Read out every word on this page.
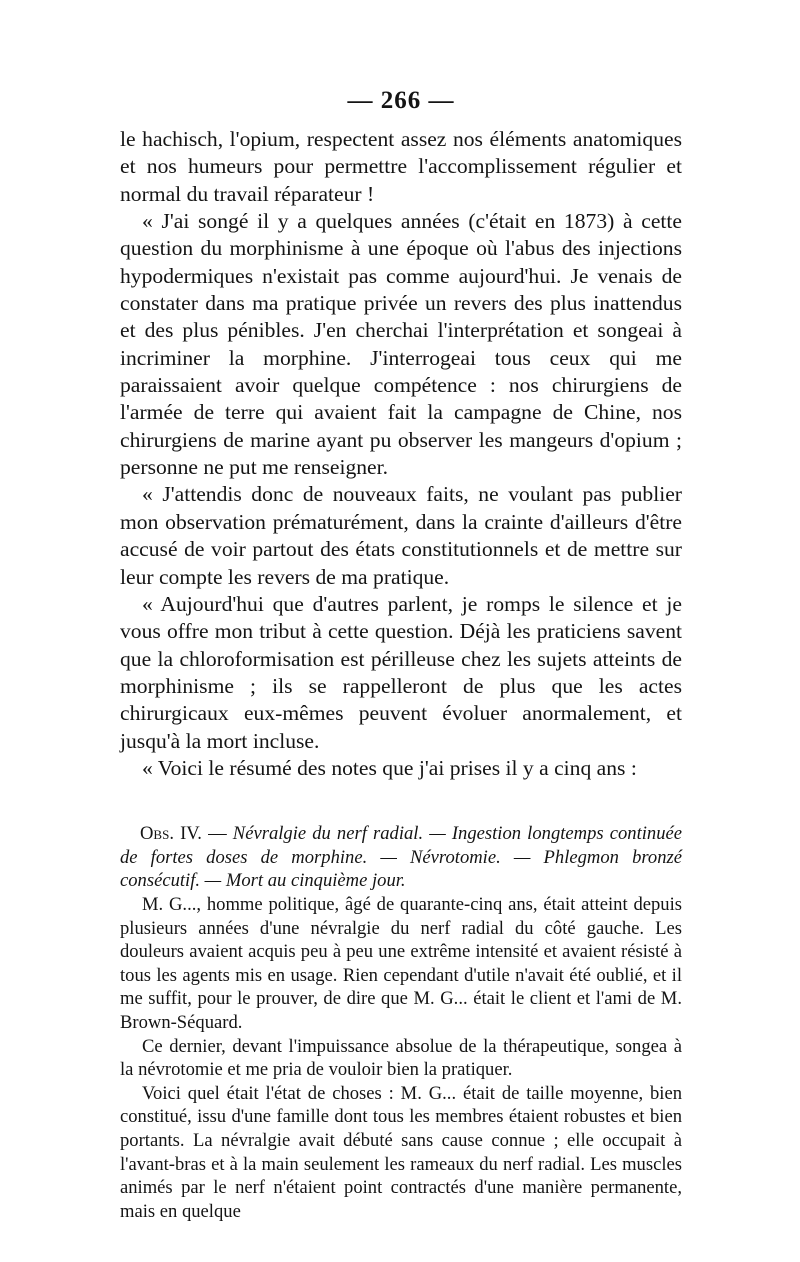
— 266 —

le hachisch, l'opium, respectent assez nos éléments anatomiques et nos humeurs pour permettre l'accomplissement régulier et normal du travail réparateur !

« J'ai songé il y a quelques années (c'était en 1873) à cette question du morphinisme à une époque où l'abus des injections hypodermiques n'existait pas comme aujourd'hui. Je venais de constater dans ma pratique privée un revers des plus inattendus et des plus pénibles. J'en cherchai l'interprétation et songeai à incriminer la morphine. J'interrogeai tous ceux qui me paraissaient avoir quelque compétence : nos chirurgiens de l'armée de terre qui avaient fait la campagne de Chine, nos chirurgiens de marine ayant pu observer les mangeurs d'opium ; personne ne put me renseigner.

« J'attendis donc de nouveaux faits, ne voulant pas publier mon observation prématurément, dans la crainte d'ailleurs d'être accusé de voir partout des états constitutionnels et de mettre sur leur compte les revers de ma pratique.

« Aujourd'hui que d'autres parlent, je romps le silence et je vous offre mon tribut à cette question. Déjà les praticiens savent que la chloroformisation est périlleuse chez les sujets atteints de morphinisme ; ils se rappelleront de plus que les actes chirurgicaux eux-mêmes peuvent évoluer anormalement, et jusqu'à la mort incluse.

« Voici le résumé des notes que j'ai prises il y a cinq ans :

Obs. IV. — Névralgie du nerf radial. — Ingestion longtemps continuée de fortes doses de morphine. — Névrotomie. — Phlegmon bronzé consécutif. — Mort au cinquième jour.

M. G..., homme politique, âgé de quarante-cinq ans, était atteint depuis plusieurs années d'une névralgie du nerf radial du côté gauche. Les douleurs avaient acquis peu à peu une extrême intensité et avaient résisté à tous les agents mis en usage. Rien cependant d'utile n'avait été oublié, et il me suffit, pour le prouver, de dire que M. G... était le client et l'ami de M. Brown-Séquard.

Ce dernier, devant l'impuissance absolue de la thérapeutique, songea à la névrotomie et me pria de vouloir bien la pratiquer.

Voici quel était l'état de choses : M. G... était de taille moyenne, bien constitué, issu d'une famille dont tous les membres étaient robustes et bien portants. La névralgie avait débuté sans cause connue ; elle occupait à l'avant-bras et à la main seulement les rameaux du nerf radial. Les muscles animés par le nerf n'étaient point contractés d'une manière permanente, mais en quelque
